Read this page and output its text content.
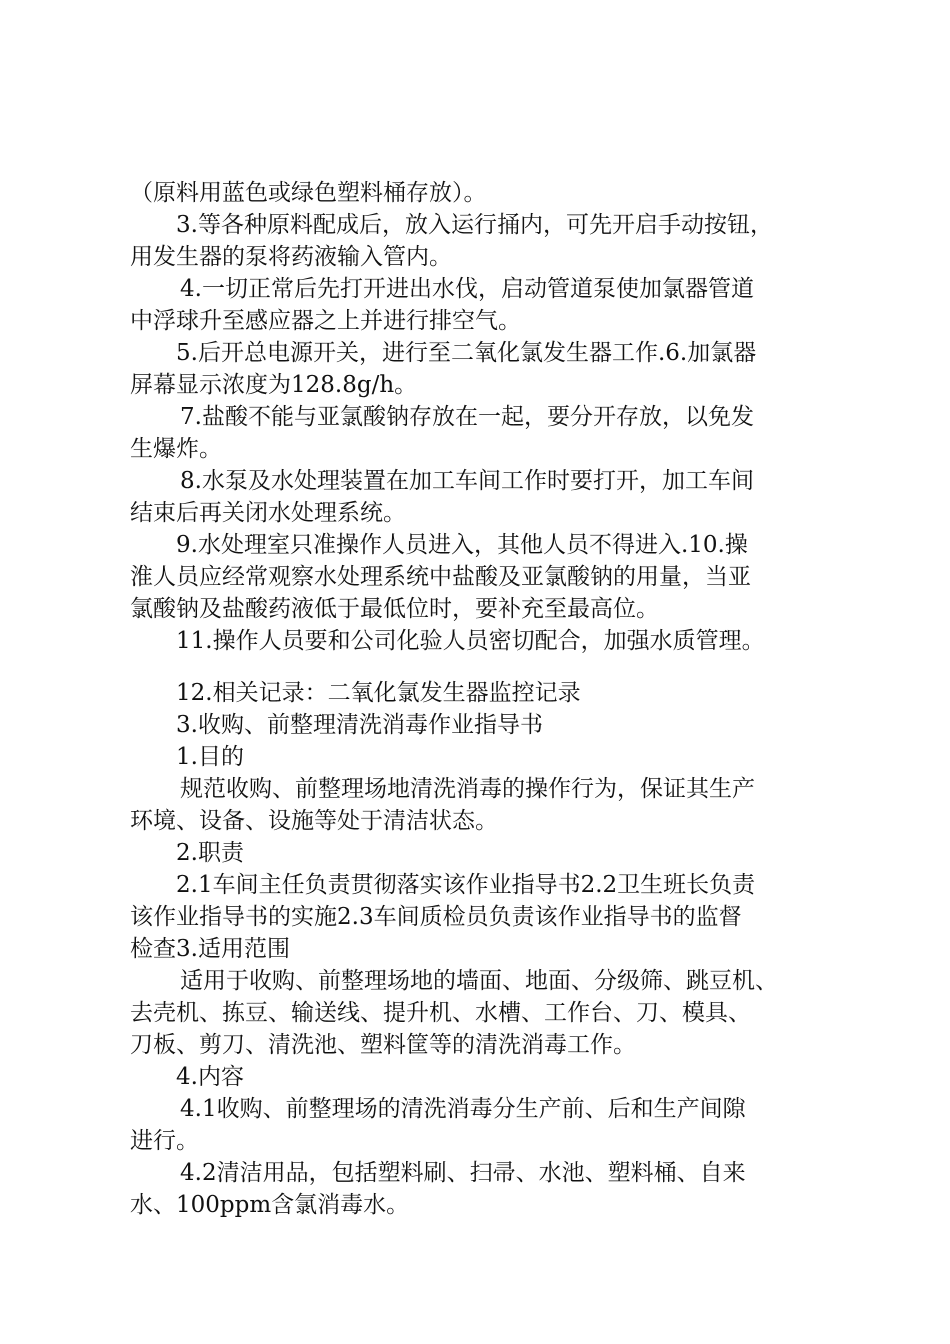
（原料用蓝色或绿色塑料桶存放）。

3.等各种原料配成后，放入运行捅内，可先开启手动按钮，

用发生器的泵将药液输入管内。

4.一切正常后先打开进出水伐，启动管道泵使加氯器管道

中浮球升至感应器之上并进行排空气。

5.后开总电源开关，进行至二氧化氯发生器工作.6.加氯器

屏幕显示浓度为128.8g/h。

7.盐酸不能与亚氯酸钠存放在一起，要分开存放，以免发

生爆炸。

8.水泵及水处理装置在加工车间工作时要打开，加工车间

结束后再关闭水处理系统。

9.水处理室只准操作人员进入，其他人员不得进入.10.操

淮人员应经常观察水处理系统中盐酸及亚氯酸钠的用量，当亚

氯酸钠及盐酸药液低于最低位时，要补充至最高位。

11.操作人员要和公司化验人员密切配合，加强水质管理。

12.相关记录：二氧化氯发生器监控记录

3.收购、前整理清洗消毒作业指导书

1.目的

规范收购、前整理场地清洗消毒的操作行为，保证其生产

环境、设备、设施等处于清洁状态。

2.职责

2.1车间主任负责贯彻落实该作业指导书2.2卫生班长负责

该作业指导书的实施2.3车间质检员负责该作业指导书的监督

检查3.适用范围

适用于收购、前整理场地的墙面、地面、分级筛、跳豆机、

去壳机、拣豆、输送线、提升机、水槽、工作台、刀、模具、

刀板、剪刀、清洗池、塑料筐等的清洗消毒工作。

4.内容

4.1收购、前整理场的清洗消毒分生产前、后和生产间隙

进行。

4.2清洁用品，包括塑料刷、扫帚、水池、塑料桶、自来

水、100ppm含氯消毒水。
